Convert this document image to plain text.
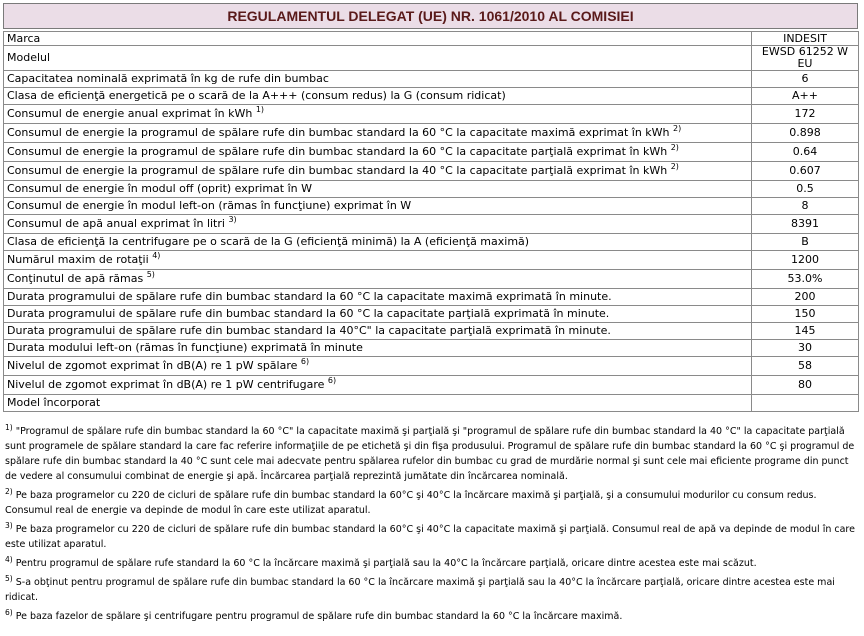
REGULAMENTUL DELEGAT (UE) NR. 1061/2010 AL COMISIEI
Marca	INDESIT
Modelul	EWSD 61252 W EU
Capacitatea nominală exprimată în kg de rufe din bumbac	6
Clasa de eficienţă energetică pe o scară de la A+++ (consum redus) la G (consum ridicat)	A++
Consumul de energie anual exprimat în kWh $^{1)}$	172
Consumul de energie la programul de spălare rufe din bumbac standard la 60 °C la capacitate maximă exprimat în kWh $^{2)}$	0.898
Consumul de energie la programul de spălare rufe din bumbac standard la 60 °C la capacitate parţială exprimat în kWh $^{2)}$	0.64
Consumul de energie la programul de spălare rufe din bumbac standard la 40 °C la capacitate parţială exprimat în kWh $^{2)}$	0.607
Consumul de energie în modul off (oprit) exprimat în W	0.5
Consumul de energie în modul left-on (rămas în funcţiune) exprimat în W	8
Consumul de apă anual exprimat în litri $^{3)}$	8391
Clasa de eficienţă la centrifugare pe o scară de la G (eficienţă minimă) la A (eficienţă maximă)	B
Numărul maxim de rotaţii $^{4)}$	1200
Conţinutul de apă rămas $^{5)}$	53.0%
Durata programului de spălare rufe din bumbac standard la 60 °C la capacitate maximă exprimată în minute.	200
Durata programului de spălare rufe din bumbac standard la 60 °C la capacitate parţială exprimată în minute.	150
Durata programului de spălare rufe din bumbac standard la 40°C" la capacitate parţială exprimată în minute.	145
Durata modului left-on (rămas în funcţiune) exprimată în minute	30
Nivelul de zgomot exprimat în dB(A) re 1 pW spălare $^{6)}$	58
Nivelul de zgomot exprimat în dB(A) re 1 pW centrifugare $^{6)}$	80
Model încorporat	
$^{1)}$ "Programul de spălare rufe din bumbac standard la 60 °C" la capacitate maximă şi parţială şi "programul de spălare rufe din bumbac standard la 40 °C" la capacitate parţială sunt programele de spălare standard la care fac referire informaţiile de pe etichetă şi din fişa produsului. Programul de spălare rufe din bumbac standard la 60 °C şi programul de spălare rufe din bumbac standard la 40 °C sunt cele mai adecvate pentru spălarea rufelor din bumbac cu grad de murdărie normal şi sunt cele mai eficiente programe din punct de vedere al consumului combinat de energie şi apă. Încărcarea parţială reprezintă jumătate din încărcarea nominală.
$^{2)}$ Pe baza programelor cu 220 de cicluri de spălare rufe din bumbac standard la 60°C şi 40°C la încărcare maximă şi parţială, şi a consumului modurilor cu consum redus. Consumul real de energie va depinde de modul în care este utilizat aparatul.
$^{3)}$ Pe baza programelor cu 220 de cicluri de spălare rufe din bumbac standard la 60°C şi 40°C la capacitate maximă şi parţială. Consumul real de apă va depinde de modul în care este utilizat aparatul.
$^{4)}$ Pentru programul de spălare rufe standard la 60 °C la încărcare maximă şi parţială sau la 40°C la încărcare parţială, oricare dintre acestea este mai scăzut.
$^{5)}$ S-a obţinut pentru programul de spălare rufe din bumbac standard la 60 °C la încărcare maximă şi parţială sau la 40°C la încărcare parţială, oricare dintre acestea este mai ridicat.
$^{6)}$ Pe baza fazelor de spălare şi centrifugare pentru programul de spălare rufe din bumbac standard la 60 °C la încărcare maximă.
